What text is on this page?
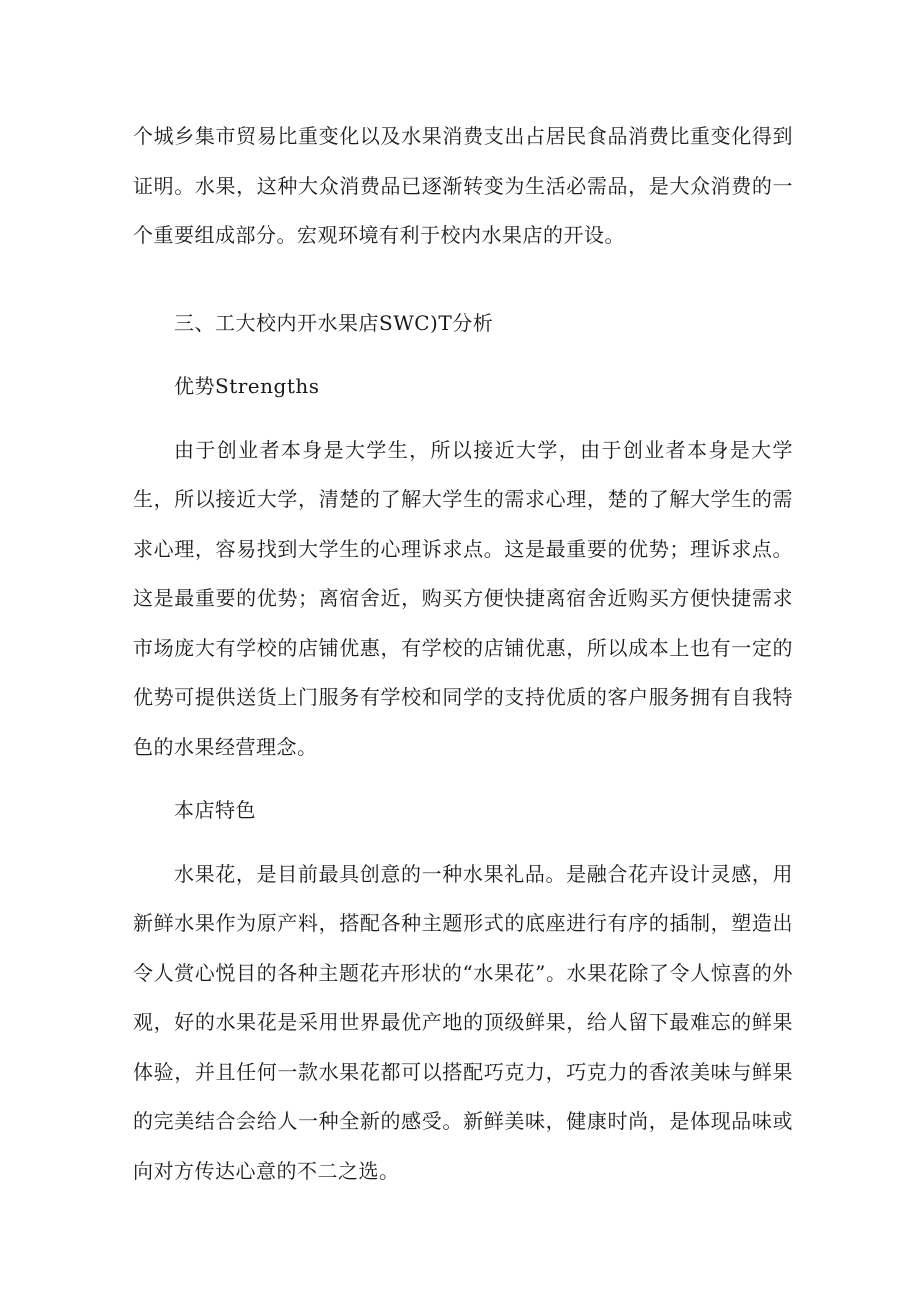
个城乡集市贸易比重变化以及水果消费支出占居民食品消费比重变化得到证明。水果，这种大众消费品已逐渐转变为生活必需品，是大众消费的一个重要组成部分。宏观环境有利于校内水果店的开设。

三、工大校内开水果店SWC)T分析

优势Strengths

由于创业者本身是大学生，所以接近大学，由于创业者本身是大学生，所以接近大学，清楚的了解大学生的需求心理，楚的了解大学生的需求心理，容易找到大学生的心理诉求点。这是最重要的优势；理诉求点。这是最重要的优势；离宿舍近，购买方便快捷离宿舍近购买方便快捷需求市场庞大有学校的店铺优惠，有学校的店铺优惠，所以成本上也有一定的优势可提供送货上门服务有学校和同学的支持优质的客户服务拥有自我特色的水果经营理念。

本店特色

水果花，是目前最具创意的一种水果礼品。是融合花卉设计灵感，用新鲜水果作为原产料，搭配各种主题形式的底座进行有序的插制，塑造出令人赏心悦目的各种主题花卉形状的“水果花”。水果花除了令人惊喜的外观，好的水果花是采用世界最优产地的顶级鲜果，给人留下最难忘的鲜果体验，并且任何一款水果花都可以搭配巧克力，巧克力的香浓美味与鲜果的完美结合会给人一种全新的感受。新鲜美味，健康时尚，是体现品味或向对方传达心意的不二之选。
